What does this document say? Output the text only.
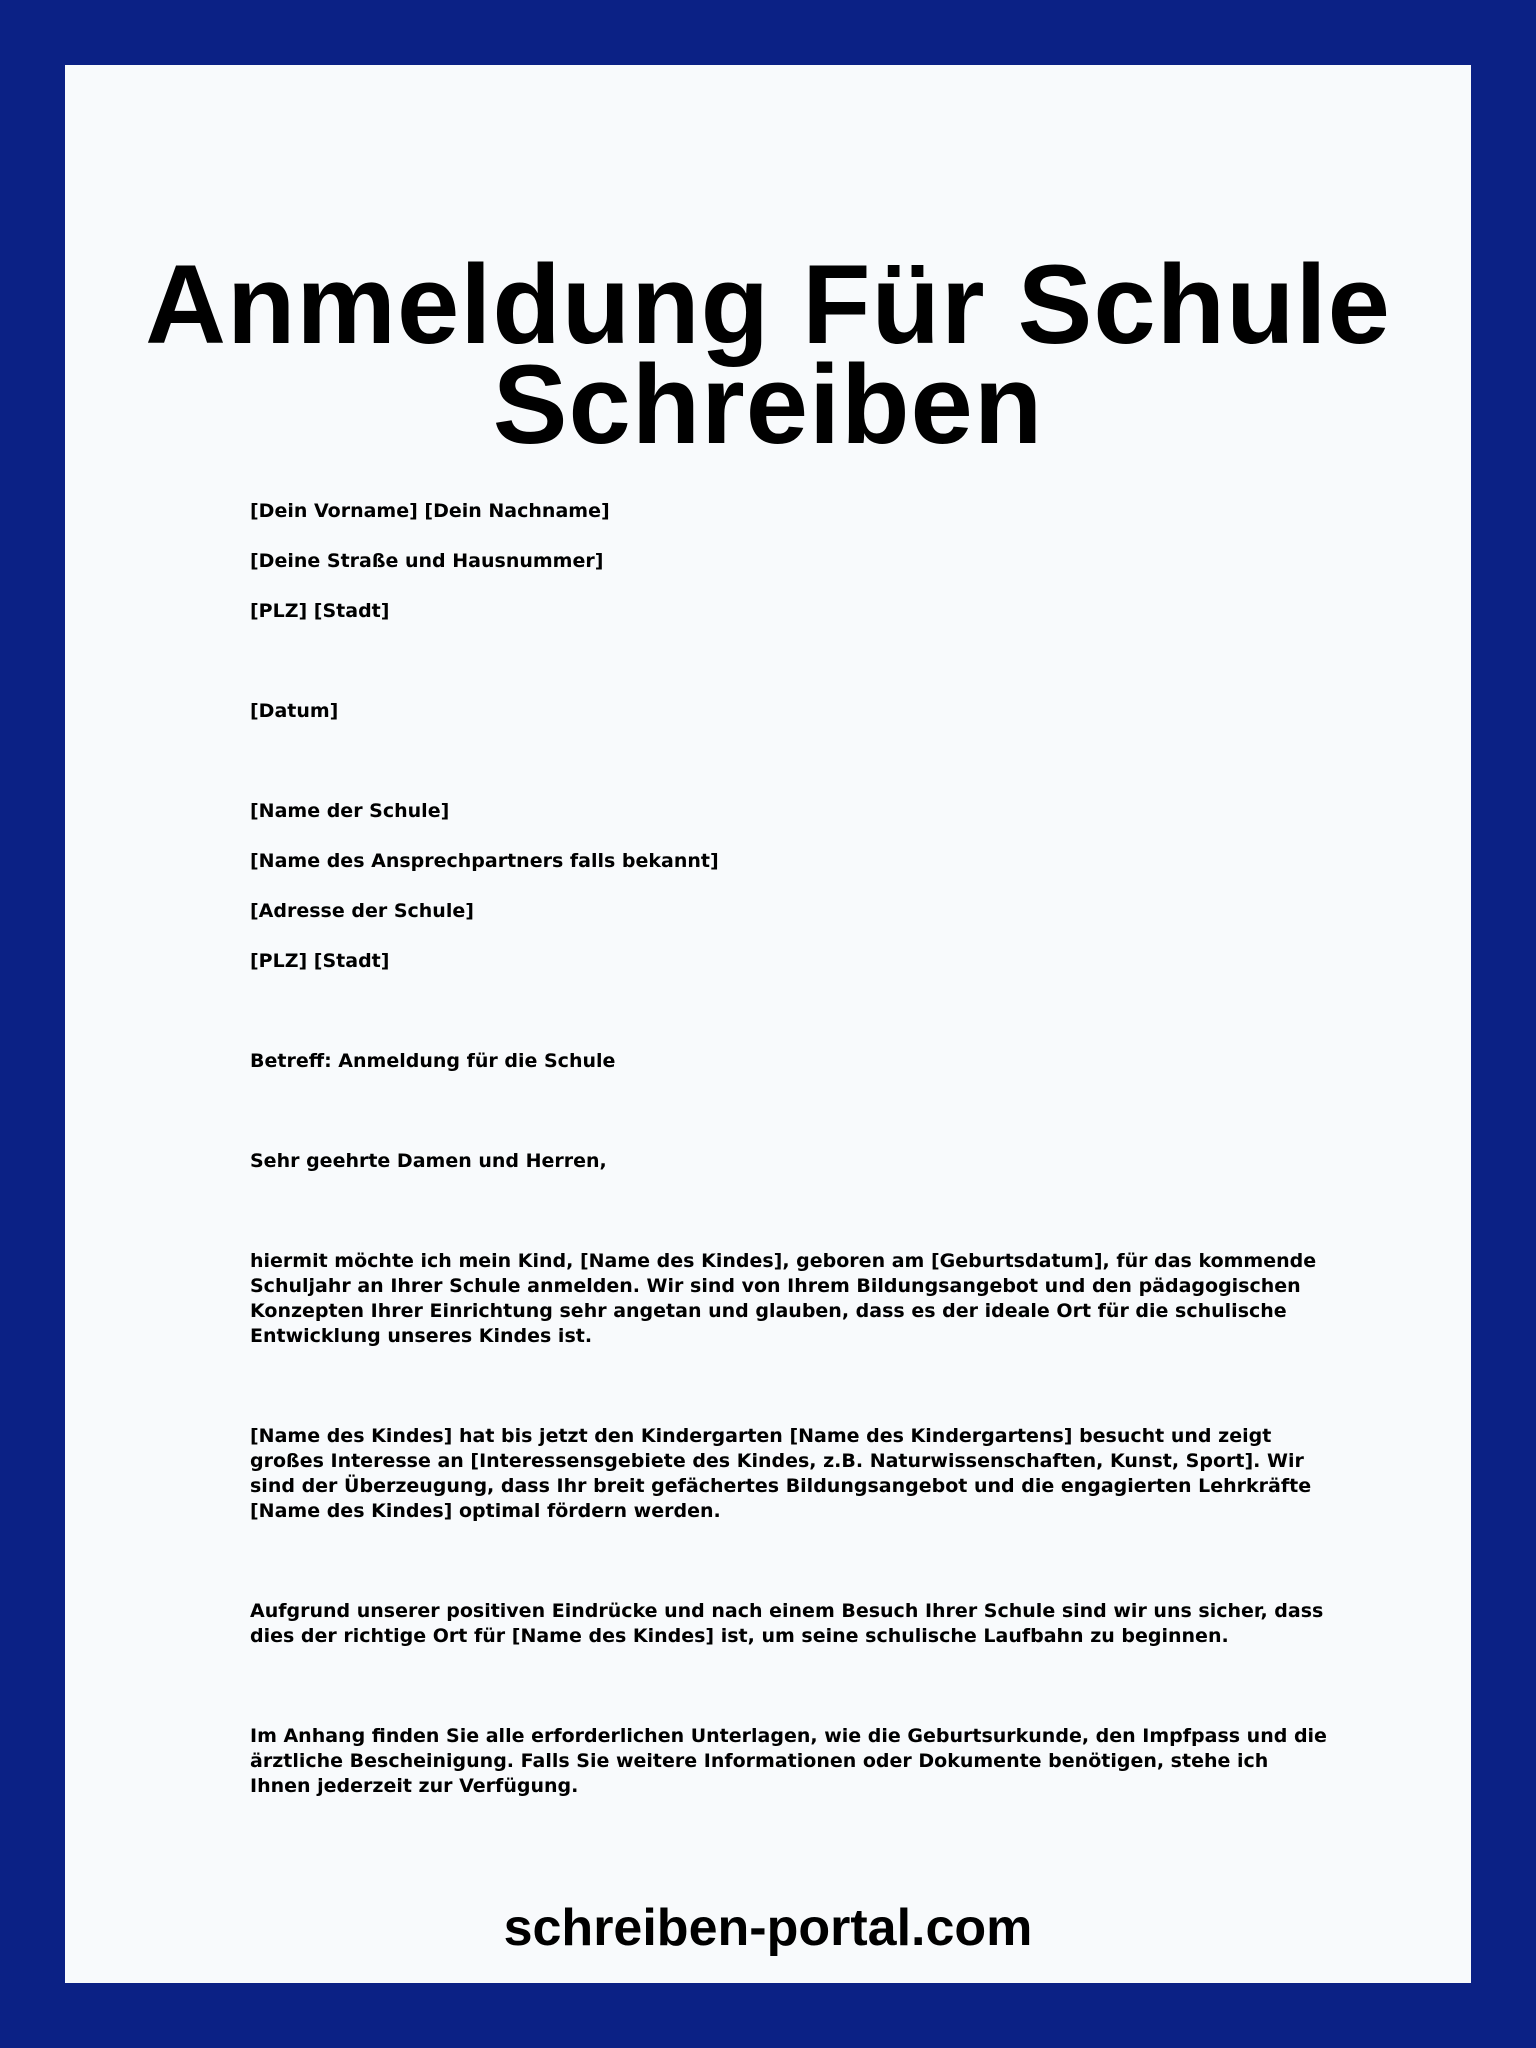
Anmeldung Für Schule
Schreiben

[Dein Vorname] [Dein Nachname]

[Deine Straße und Hausnummer]

[PLZ] [Stadt]

[Datum]

[Name der Schule]

[Name des Ansprechpartners falls bekannt]

[Adresse der Schule]

[PLZ] [Stadt]

Betreff: Anmeldung für die Schule

Sehr geehrte Damen und Herren,

hiermit möchte ich mein Kind, [Name des Kindes], geboren am [Geburtsdatum], für das kommende Schuljahr an Ihrer Schule anmelden. Wir sind von Ihrem Bildungsangebot und den pädagogischen Konzepten Ihrer Einrichtung sehr angetan und glauben, dass es der ideale Ort für die schulische Entwicklung unseres Kindes ist.

[Name des Kindes] hat bis jetzt den Kindergarten [Name des Kindergartens] besucht und zeigt großes Interesse an [Interessensgebiete des Kindes, z.B. Naturwissenschaften, Kunst, Sport]. Wir sind der Überzeugung, dass Ihr breit gefächertes Bildungsangebot und die engagierten Lehrkräfte [Name des Kindes] optimal fördern werden.

Aufgrund unserer positiven Eindrücke und nach einem Besuch Ihrer Schule sind wir uns sicher, dass dies der richtige Ort für [Name des Kindes] ist, um seine schulische Laufbahn zu beginnen.

Im Anhang finden Sie alle erforderlichen Unterlagen, wie die Geburtsurkunde, den Impfpass und die ärztliche Bescheinigung. Falls Sie weitere Informationen oder Dokumente benötigen, stehe ich Ihnen jederzeit zur Verfügung.

schreiben-portal.com
